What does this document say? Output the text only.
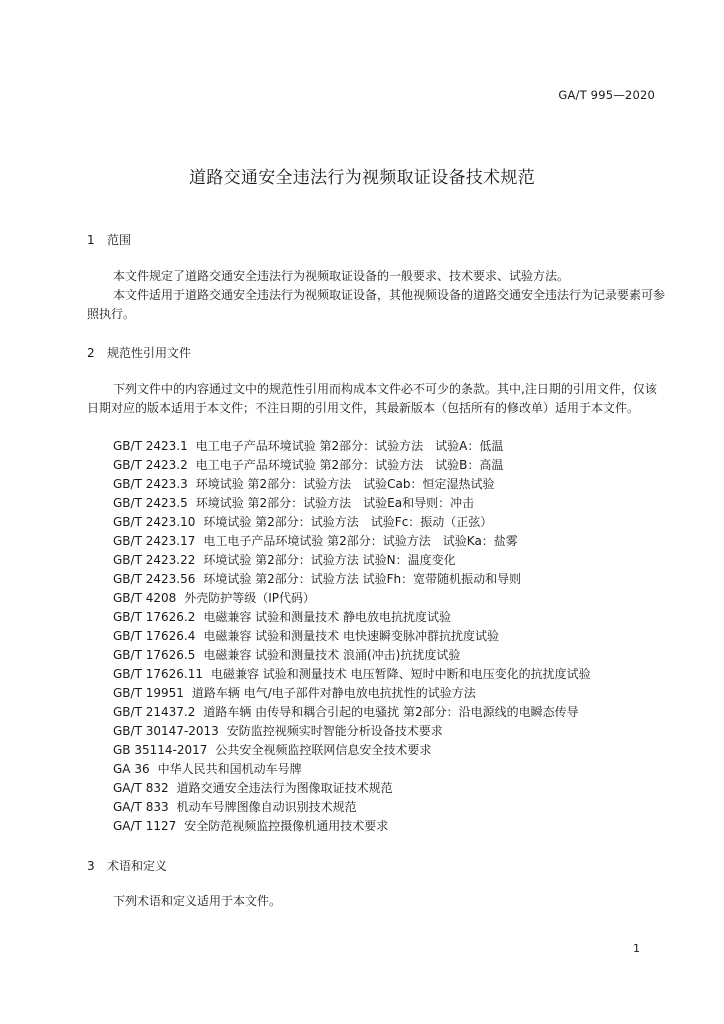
GA/T 995—2020
道路交通安全违法行为视频取证设备技术规范
1 范围
本文件规定了道路交通安全违法行为视频取证设备的一般要求、技术要求、试验方法。
本文件适用于道路交通安全违法行为视频取证设备，其他视频设备的道路交通安全违法行为记录要素可参照执行。
2 规范性引用文件
下列文件中的内容通过文中的规范性引用而构成本文件必不可少的条款。其中,注日期的引用文件，仅该日期对应的版本适用于本文件；不注日期的引用文件，其最新版本（包括所有的修改单）适用于本文件。
GB/T 2423.1 电工电子产品环境试验 第2部分：试验方法　试验A：低温
GB/T 2423.2 电工电子产品环境试验 第2部分：试验方法　试验B：高温
GB/T 2423.3 环境试验 第2部分：试验方法　试验Cab：恒定湿热试验
GB/T 2423.5 环境试验 第2部分：试验方法　试验Ea和导则：冲击
GB/T 2423.10 环境试验 第2部分：试验方法　试验Fc：振动（正弦）
GB/T 2423.17 电工电子产品环境试验 第2部分：试验方法　试验Ka：盐雾
GB/T 2423.22 环境试验 第2部分：试验方法 试验N：温度变化
GB/T 2423.56 环境试验 第2部分：试验方法 试验Fh：宽带随机振动和导则
GB/T 4208 外壳防护等级（IP代码）
GB/T 17626.2 电磁兼容 试验和测量技术 静电放电抗扰度试验
GB/T 17626.4 电磁兼容 试验和测量技术 电快速瞬变脉冲群抗扰度试验
GB/T 17626.5 电磁兼容 试验和测量技术 浪涌(冲击)抗扰度试验
GB/T 17626.11 电磁兼容 试验和测量技术 电压暂降、短时中断和电压变化的抗扰度试验
GB/T 19951 道路车辆 电气/电子部件对静电放电抗扰性的试验方法
GB/T 21437.2 道路车辆 由传导和耦合引起的电骚扰 第2部分：沿电源线的电瞬态传导
GB/T 30147-2013 安防监控视频实时智能分析设备技术要求
GB 35114-2017 公共安全视频监控联网信息安全技术要求
GA 36 中华人民共和国机动车号牌
GA/T 832 道路交通安全违法行为图像取证技术规范
GA/T 833 机动车号牌图像自动识别技术规范
GA/T 1127 安全防范视频监控摄像机通用技术要求
3 术语和定义
下列术语和定义适用于本文件。
1
